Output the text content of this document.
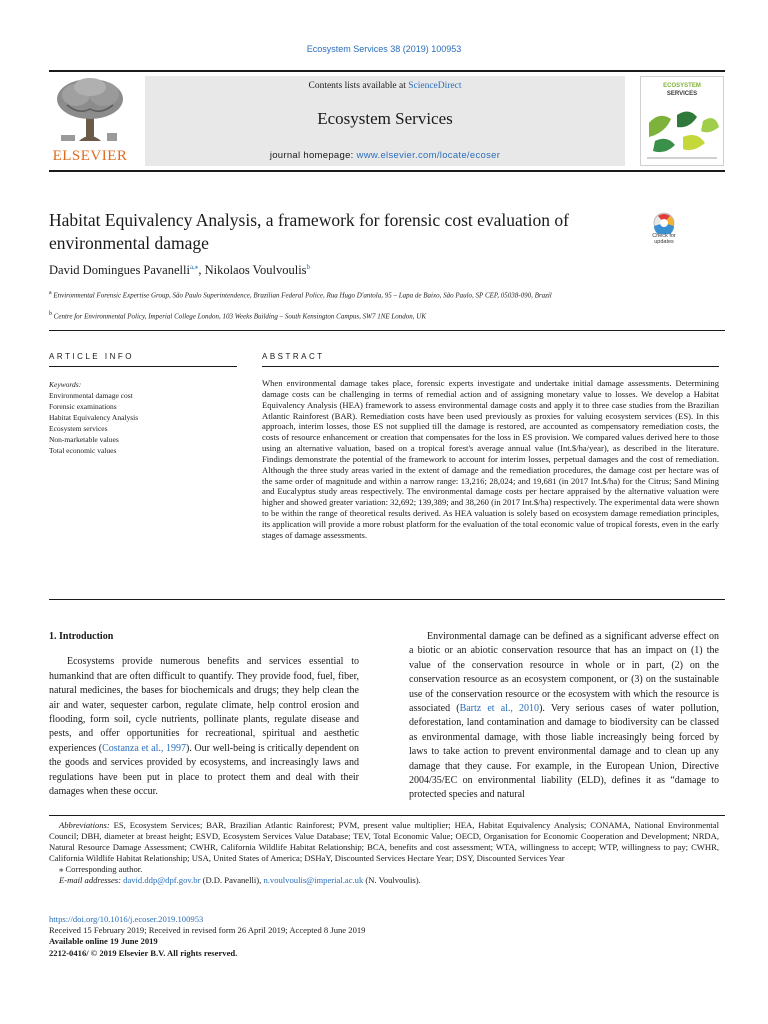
Ecosystem Services 38 (2019) 100953
ELSEVIER
Contents lists available at ScienceDirect
Ecosystem Services
journal homepage: www.elsevier.com/locate/ecoser
ECOSYSTEM
SERVICES
Habitat Equivalency Analysis, a framework for forensic cost evaluation of environmental damage	Check for
updates
David Domingues Pavanelli$^{a,⁎}$, Nikolaos Voulvoulis$^b$
$^a$ Environmental Forensic Expertise Group, São Paulo Superintendence, Brazilian Federal Police, Rua Hugo D'antola, 95 – Lapa de Baixo, São Paulo, SP CEP, 05038-090, Brazil
$^b$ Centre for Environmental Policy, Imperial College London, 103 Weeks Building – South Kensington Campus, SW7 1NE London, UK
ARTICLE INFO	ABSTRACT
Keywords:
Environmental damage cost
Forensic examinations
Habitat Equivalency Analysis
Ecosystem services
Non-marketable values
Total economic values
When environmental damage takes place, forensic experts investigate and undertake initial damage assessments. Determining damage costs can be challenging in terms of remedial action and of assigning monetary value to losses. We develop a Habitat Equivalency Analysis (HEA) framework to assess environmental damage costs and apply it to three case studies from the Brazilian Atlantic Rainforest (BAR). Remediation costs have been used previously as proxies for valuing ecosystem services (ES). In this approach, interim losses, those ES not supplied till the damage is restored, are accounted as compensatory remediation costs, the costs of resource enhancement or creation that compensates for the loss in ES provision. We compared values derived here to those using an alternative valuation, based on a tropical forest's average annual value (Int.$/ha/year), as described in the literature. Findings demonstrate the potential of the framework to account for interim losses, perpetual damages and the cost of remediation. Although the three study areas varied in the extent of damage and the remediation procedures, the damage cost per hectare was of the same order of magnitude and within a narrow range: 13,216; 28,024; and 19,681 (in 2017 Int.$/ha) for the Citrus; Sand Mining and Eucalyptus study areas respectively. The environmental damage costs per hectare appraised by the alternative valuation were higher and showed greater variation: 32,692; 139,389; and 38,260 (in 2017 Int.$/ha) respectively. The experimental data were shown to be within the range of theoretical results derived. As HEA valuation is solely based on ecosystem damage remediation principles, its application will provide a more robust platform for the evaluation of the total economic value of tropical forests, even in the early stages of damage assessments.
1. Introduction

Ecosystems provide numerous benefits and services essential to humankind that are often difficult to quantify. They provide food, fuel, fiber, natural medicines, the bases for biochemicals and drugs; they help clean the air and water, sequester carbon, regulate climate, help control erosion and flooding, form soil, cycle nutrients, pollinate plants, regulate disease and pests, and offer opportunities for recreational, spiritual and aesthetic experiences (Costanza et al., 1997). Our well-being is critically dependent on the goods and services provided by ecosystems, and increasingly laws and regulations have been put in place to protect them and deal with their damages when these occur.

Environmental damage can be defined as a significant adverse effect on a biotic or an abiotic conservation resource that has an impact on (1) the value of the conservation resource in whole or in part, (2) on the conservation resource as an ecosystem component, or (3) on the sustainable use of the conservation resource or the ecosystem with which the resource is associated (Bartz et al., 2010). Very serious cases of water pollution, deforestation, land contamination and damage to biodiversity can be classed as environmental damage, with those liable increasingly being forced by laws to take action to prevent environmental damage and to clean up any damage that they cause. For example, in the European Union, Directive 2004/35/EC on environmental liability (ELD), defines it as “damage to protected species and natural

Abbreviations: ES, Ecosystem Services; BAR, Brazilian Atlantic Rainforest; PVM, present value multiplier; HEA, Habitat Equivalency Analysis; CONAMA, National Environmental Council; DBH, diameter at breast height; ESVD, Ecosystem Services Value Database; TEV, Total Economic Value; OECD, Organisation for Economic Cooperation and Development; NRDA, Natural Resource Damage Assessment; CWHR, California Wildlife Habitat Relationship; BCA, benefits and cost assessment; WTA, willingness to accept; WTP, willingness to pay; CWHR, California Wildlife Habitat Relationship; USA, United States of America; DSHaY, Discounted Services Hectare Year; DSY, Discounted Services Year

⁎ Corresponding author.

E-mail addresses: david.ddp@dpf.gov.br (D.D. Pavanelli), n.voulvoulis@imperial.ac.uk (N. Voulvoulis).

https://doi.org/10.1016/j.ecoser.2019.100953

Received 15 February 2019; Received in revised form 26 April 2019; Accepted 8 June 2019

Available online 19 June 2019

2212-0416/ © 2019 Elsevier B.V. All rights reserved.
